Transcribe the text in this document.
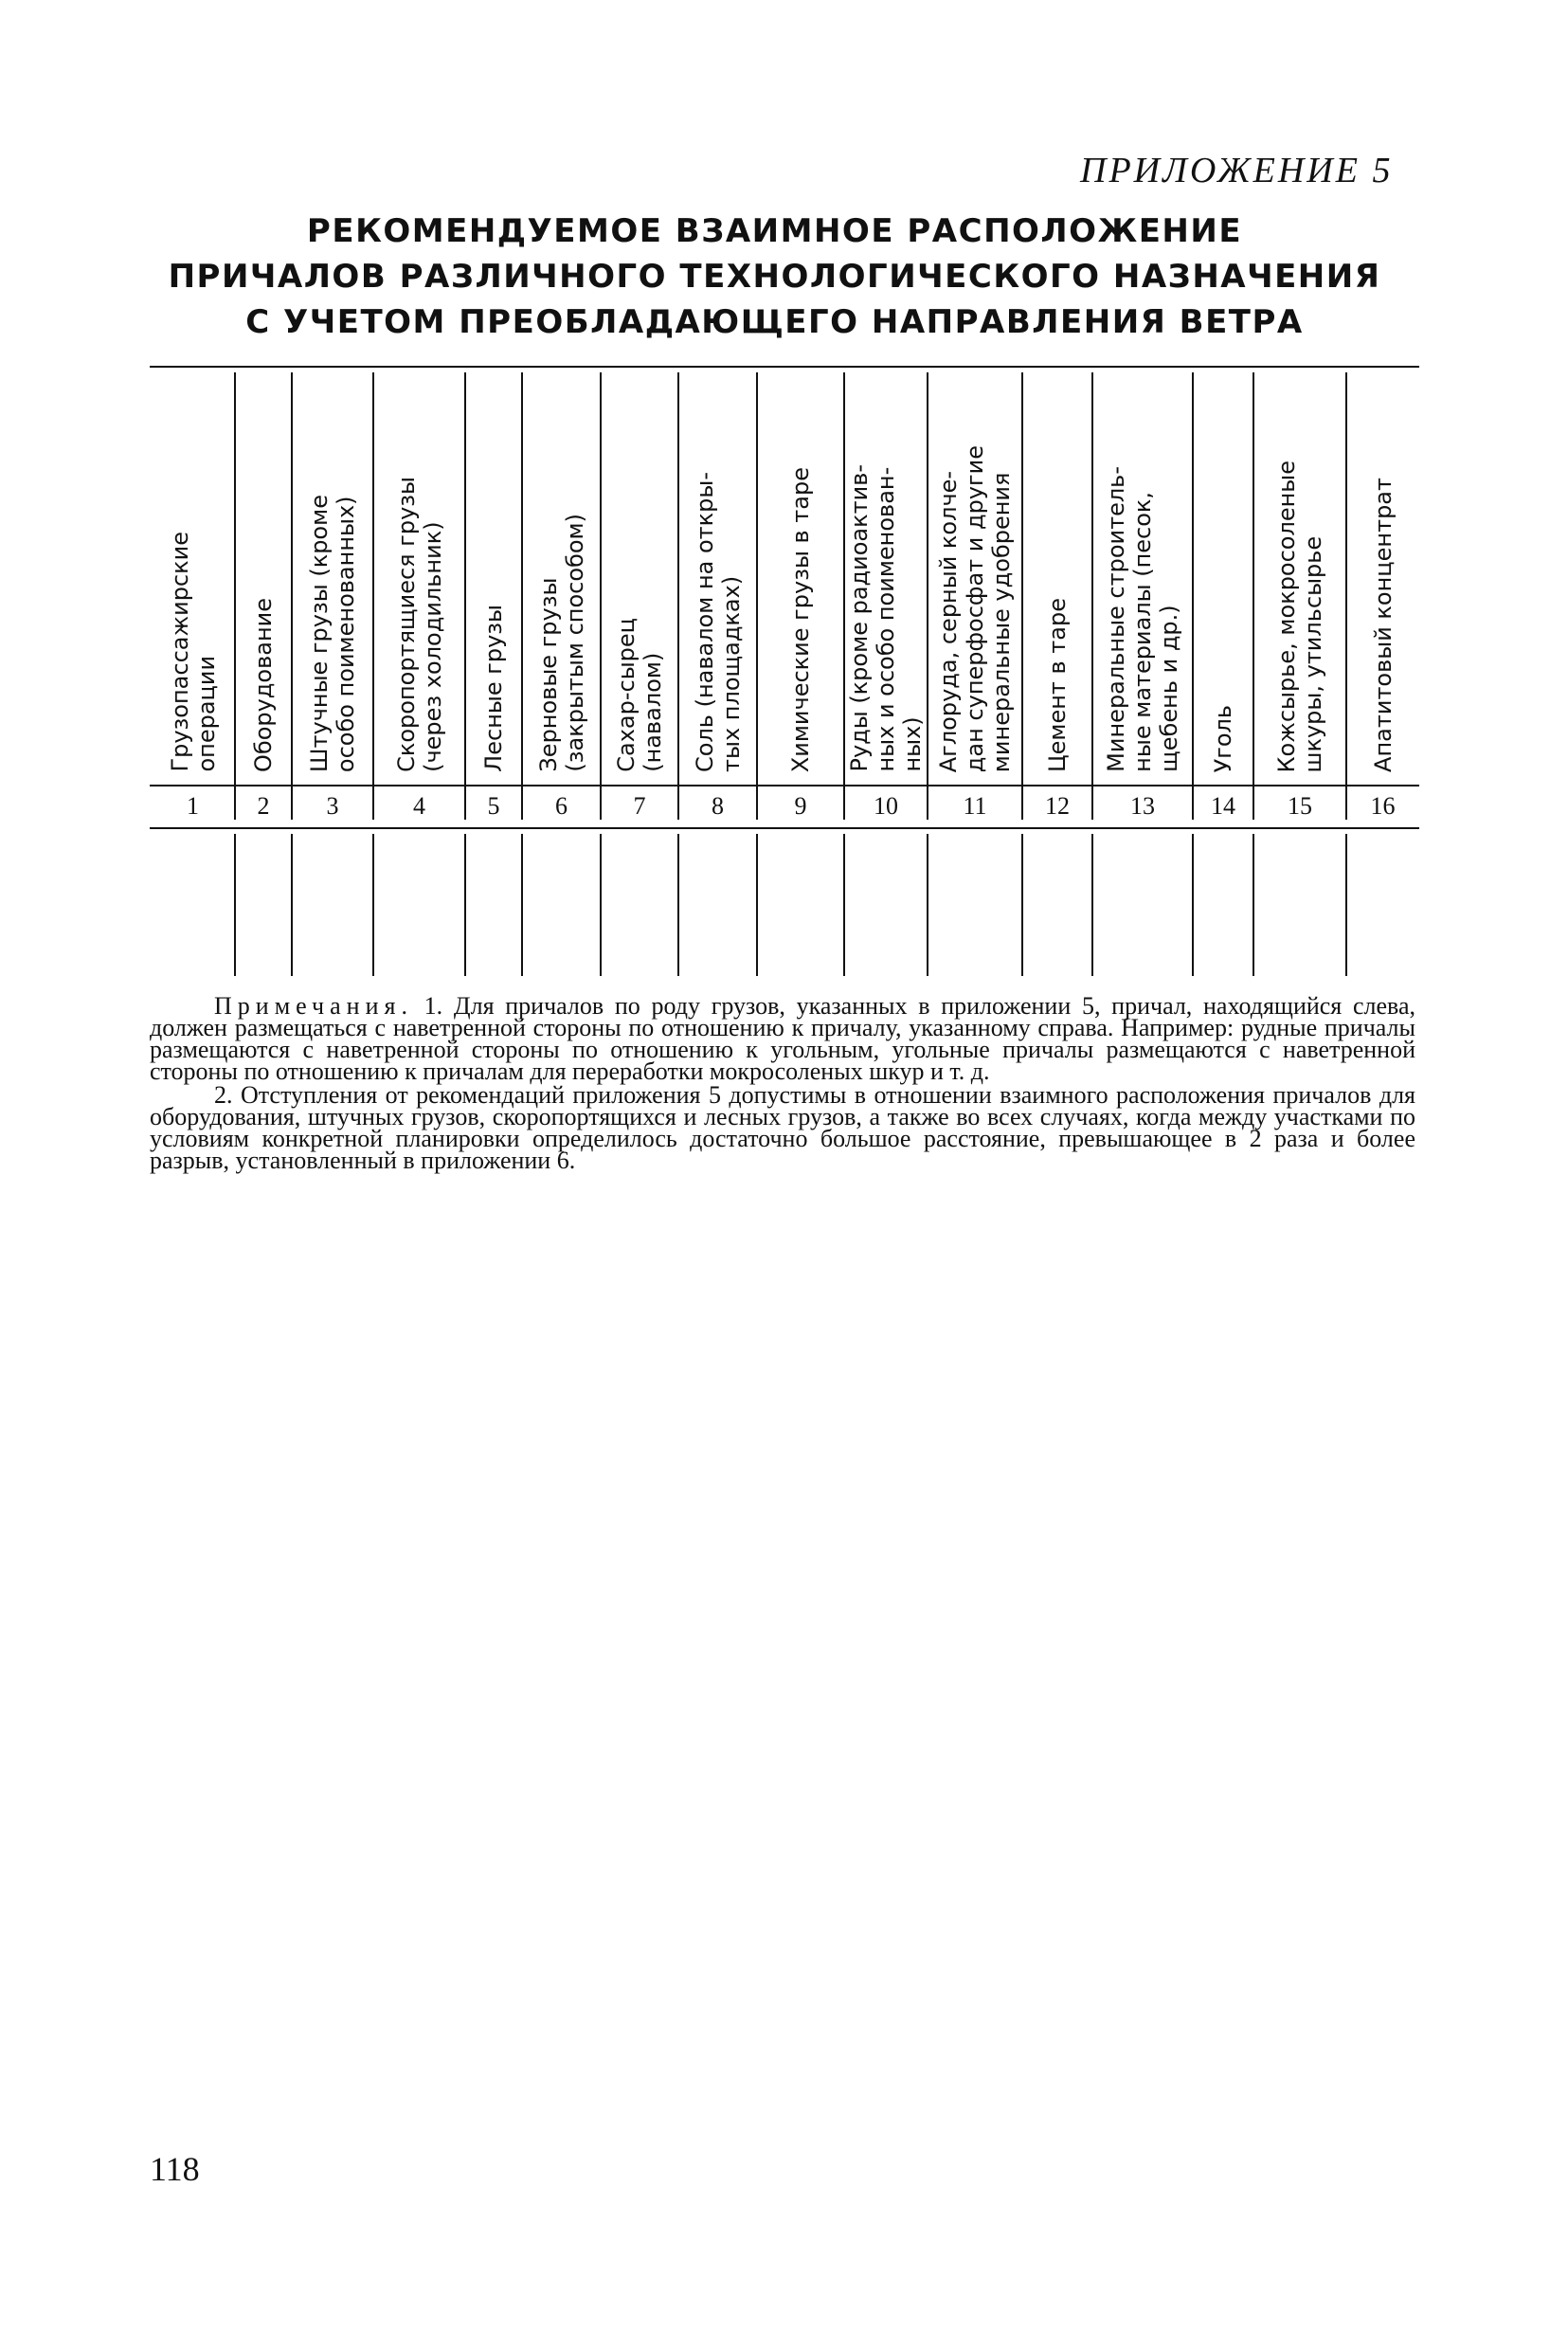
ПРИЛОЖЕНИЕ 5
РЕКОМЕНДУЕМОЕ ВЗАИМНОЕ РАСПОЛОЖЕНИЕ
ПРИЧАЛОВ РАЗЛИЧНОГО ТЕХНОЛОГИЧЕСКОГО НАЗНАЧЕНИЯ
С УЧЕТОМ ПРЕОБЛАДАЮЩЕГО НАПРАВЛЕНИЯ ВЕТРА
Грузопассажирские
операции
1
Оборудование
2
Штучные грузы (кроме
особо поименованных)
3
Скоропортящиеся грузы
(через холодильник)
4
Лесные грузы
5
Зерновые грузы
(закрытым способом)
6
Сахар-сырец
(навалом)
7
Соль (навалом на откры-
тых площадках)
8
Химические грузы в таре
9
Руды (кроме радиоактив-
ных и особо поименован-
ных)
10
Аглоруда, серный колче-
дан суперфосфат и другие
минеральные удобрения
11
Цемент в таре
12
Минеральные строитель-
ные материалы (песок,
щебень и др.)
13
Уголь
14
Кожсырье, мокросоленые
шкуры, утильсырье
15
Апатитовый концентрат
16

Примечания. 1. Для причалов по роду грузов, указанных в приложении 5, причал, находящийся слева, должен размещаться с наветренной стороны по отношению к причалу, указанному справа. Например: рудные причалы размещаются с наветренной стороны по отношению к угольным, угольные причалы размещаются с наветренной стороны по отношению к причалам для переработки мокросоленых шкур и т. д.

2. Отступления от рекомендаций приложения 5 допустимы в отношении взаимного расположения причалов для оборудования, штучных грузов, скоропортящихся и лесных грузов, а также во всех случаях, когда между участками по условиям конкретной планировки определилось достаточно большое расстояние, превышающее в 2 раза и более разрыв, установленный в приложении 6.

118
